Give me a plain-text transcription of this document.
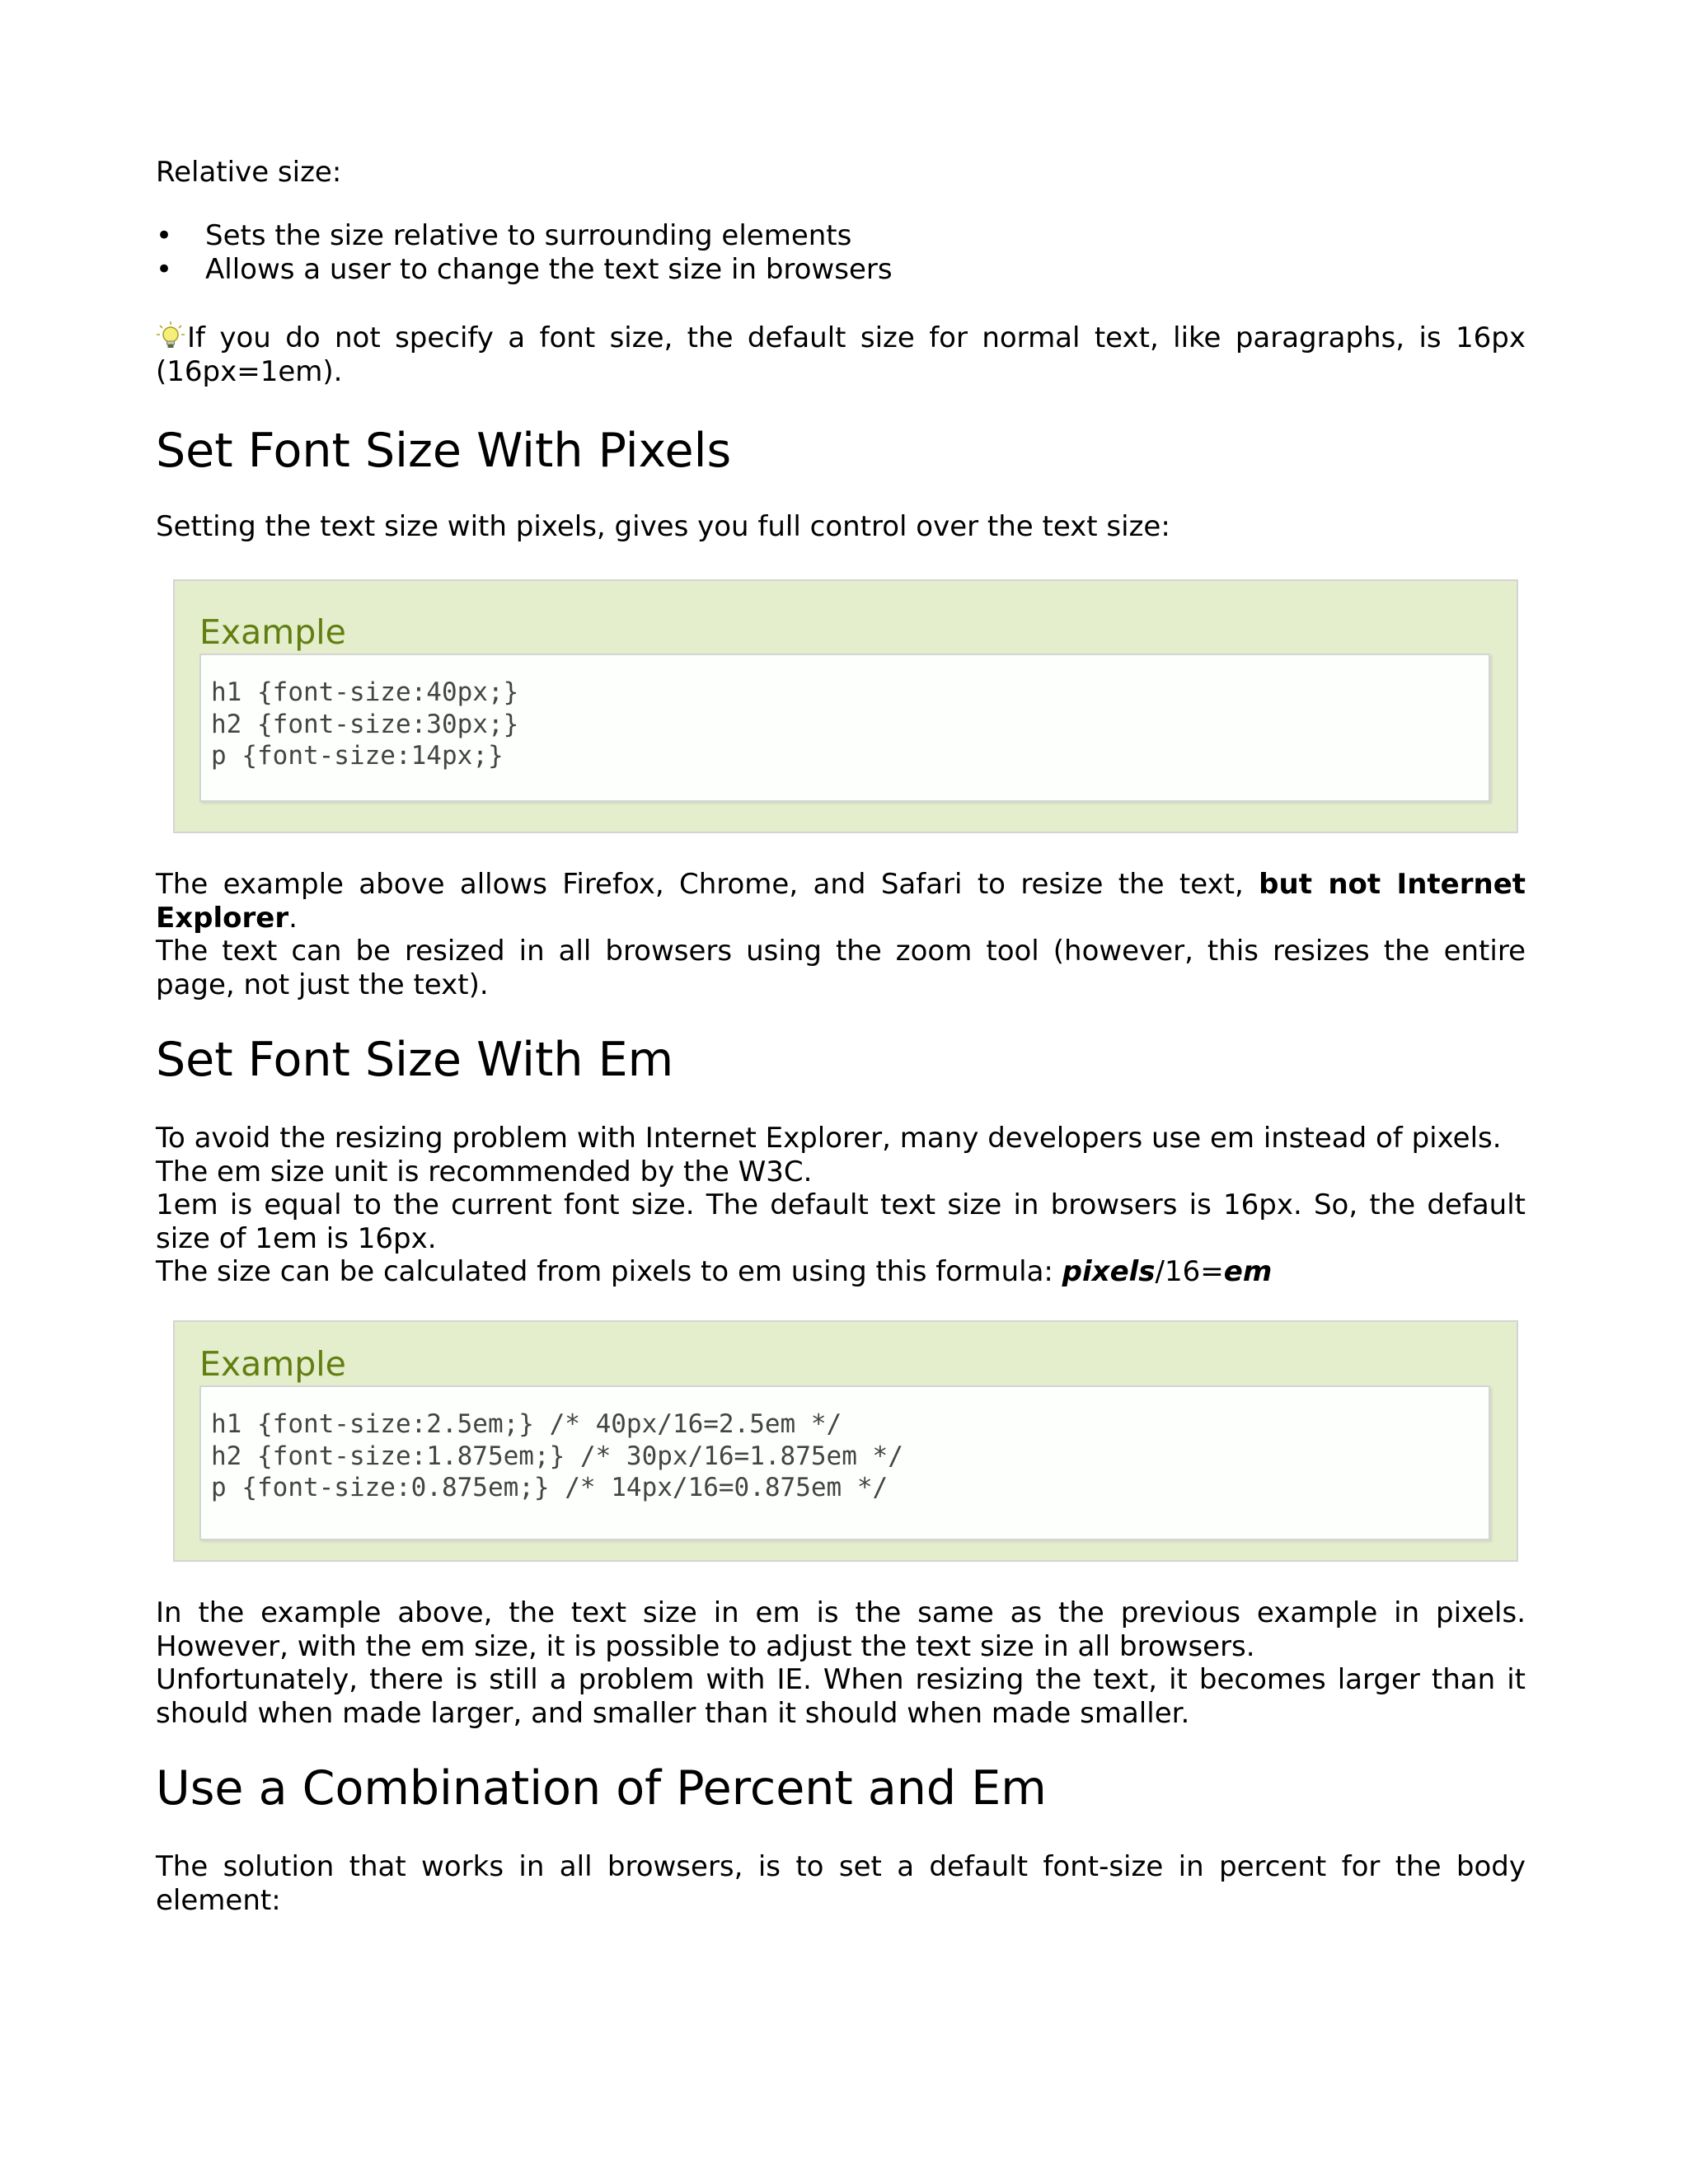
Relative size:

• Sets the size relative to surrounding elements
• Allows a user to change the text size in browsers

If you do not specify a font size, the default size for normal text, like paragraphs, is 16px (16px=1em).

Set Font Size With Pixels

Setting the text size with pixels, gives you full control over the text size:

Example
h1 {font-size:40px;}
h2 {font-size:30px;}
p {font-size:14px;}

The example above allows Firefox, Chrome, and Safari to resize the text, but not Internet Explorer.
The text can be resized in all browsers using the zoom tool (however, this resizes the entire page, not just the text).

Set Font Size With Em

To avoid the resizing problem with Internet Explorer, many developers use em instead of pixels.
The em size unit is recommended by the W3C.
1em is equal to the current font size. The default text size in browsers is 16px. So, the default size of 1em is 16px.
The size can be calculated from pixels to em using this formula: pixels/16=em

Example
h1 {font-size:2.5em;} /* 40px/16=2.5em */
h2 {font-size:1.875em;} /* 30px/16=1.875em */
p {font-size:0.875em;} /* 14px/16=0.875em */

In the example above, the text size in em is the same as the previous example in pixels. However, with the em size, it is possible to adjust the text size in all browsers.
Unfortunately, there is still a problem with IE. When resizing the text, it becomes larger than it should when made larger, and smaller than it should when made smaller.

Use a Combination of Percent and Em

The solution that works in all browsers, is to set a default font-size in percent for the body element:
